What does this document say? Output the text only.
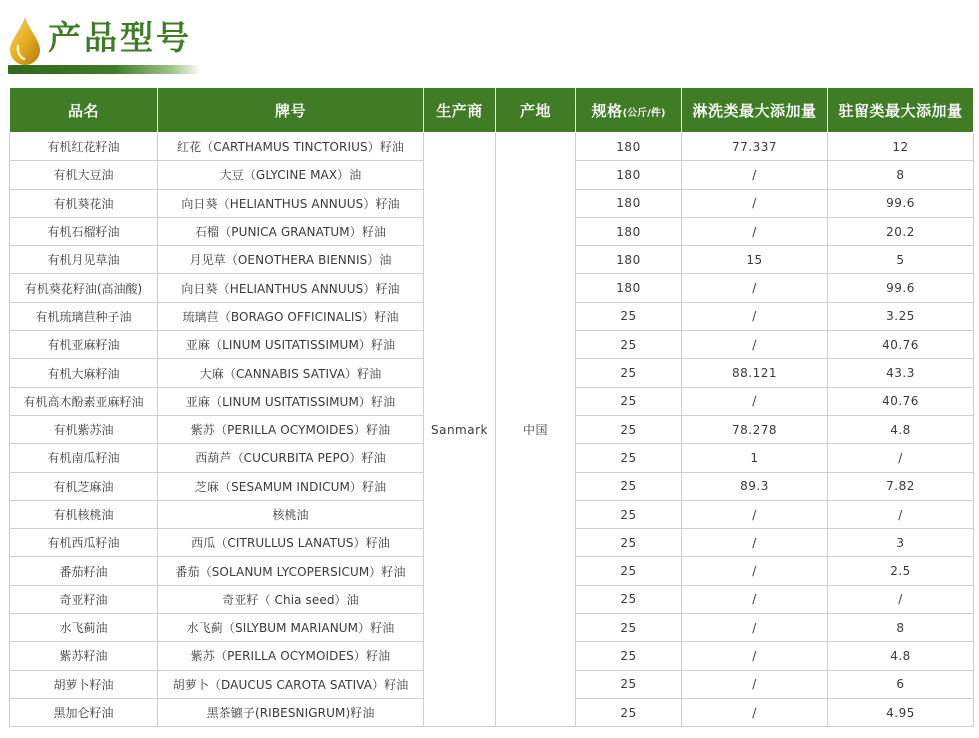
产品型号
品名	牌号	生产商	产地	规格(公斤/件)	淋洗类最大添加量	驻留类最大添加量
有机红花籽油	红花（CARTHAMUS TINCTORIUS）籽油	Sanmark	中国	180	77.337	12
有机大豆油	大豆（GLYCINE MAX）油			180	/	8
有机葵花油	向日葵（HELIANTHUS ANNUUS）籽油			180	/	99.6
有机石榴籽油	石榴（PUNICA GRANATUM）籽油			180	/	20.2
有机月见草油	月见草（OENOTHERA BIENNIS）油			180	15	5
有机葵花籽油(高油酸)	向日葵（HELIANTHUS ANNUUS）籽油			180	/	99.6
有机琉璃苣种子油	琉璃苣（BORAGO OFFICINALIS）籽油			25	/	3.25
有机亚麻籽油	亚麻（LINUM USITATISSIMUM）籽油			25	/	40.76
有机大麻籽油	大麻（CANNABIS SATIVA）籽油			25	88.121	43.3
有机高木酚素亚麻籽油	亚麻（LINUM USITATISSIMUM）籽油			25	/	40.76
有机紫苏油	紫苏（PERILLA OCYMOIDES）籽油			25	78.278	4.8
有机南瓜籽油	西葫芦（CUCURBITA PEPO）籽油			25	1	/
有机芝麻油	芝麻（SESAMUM INDICUM）籽油			25	89.3	7.82
有机核桃油	核桃油			25	/	/
有机西瓜籽油	西瓜（CITRULLUS LANATUS）籽油			25	/	3
番茄籽油	番茄（SOLANUM LYCOPERSICUM）籽油			25	/	2.5
奇亚籽油	奇亚籽（ Chia seed）油			25	/	/
水飞蓟油	水飞蓟（SILYBUM MARIANUM）籽油			25	/	8
紫苏籽油	紫苏（PERILLA OCYMOIDES）籽油			25	/	4.8
胡萝卜籽油	胡萝卜（DAUCUS CAROTA SATIVA）籽油			25	/	6
黑加仑籽油	黑茶镳子(RIBESNIGRUM)籽油			25	/	4.95
